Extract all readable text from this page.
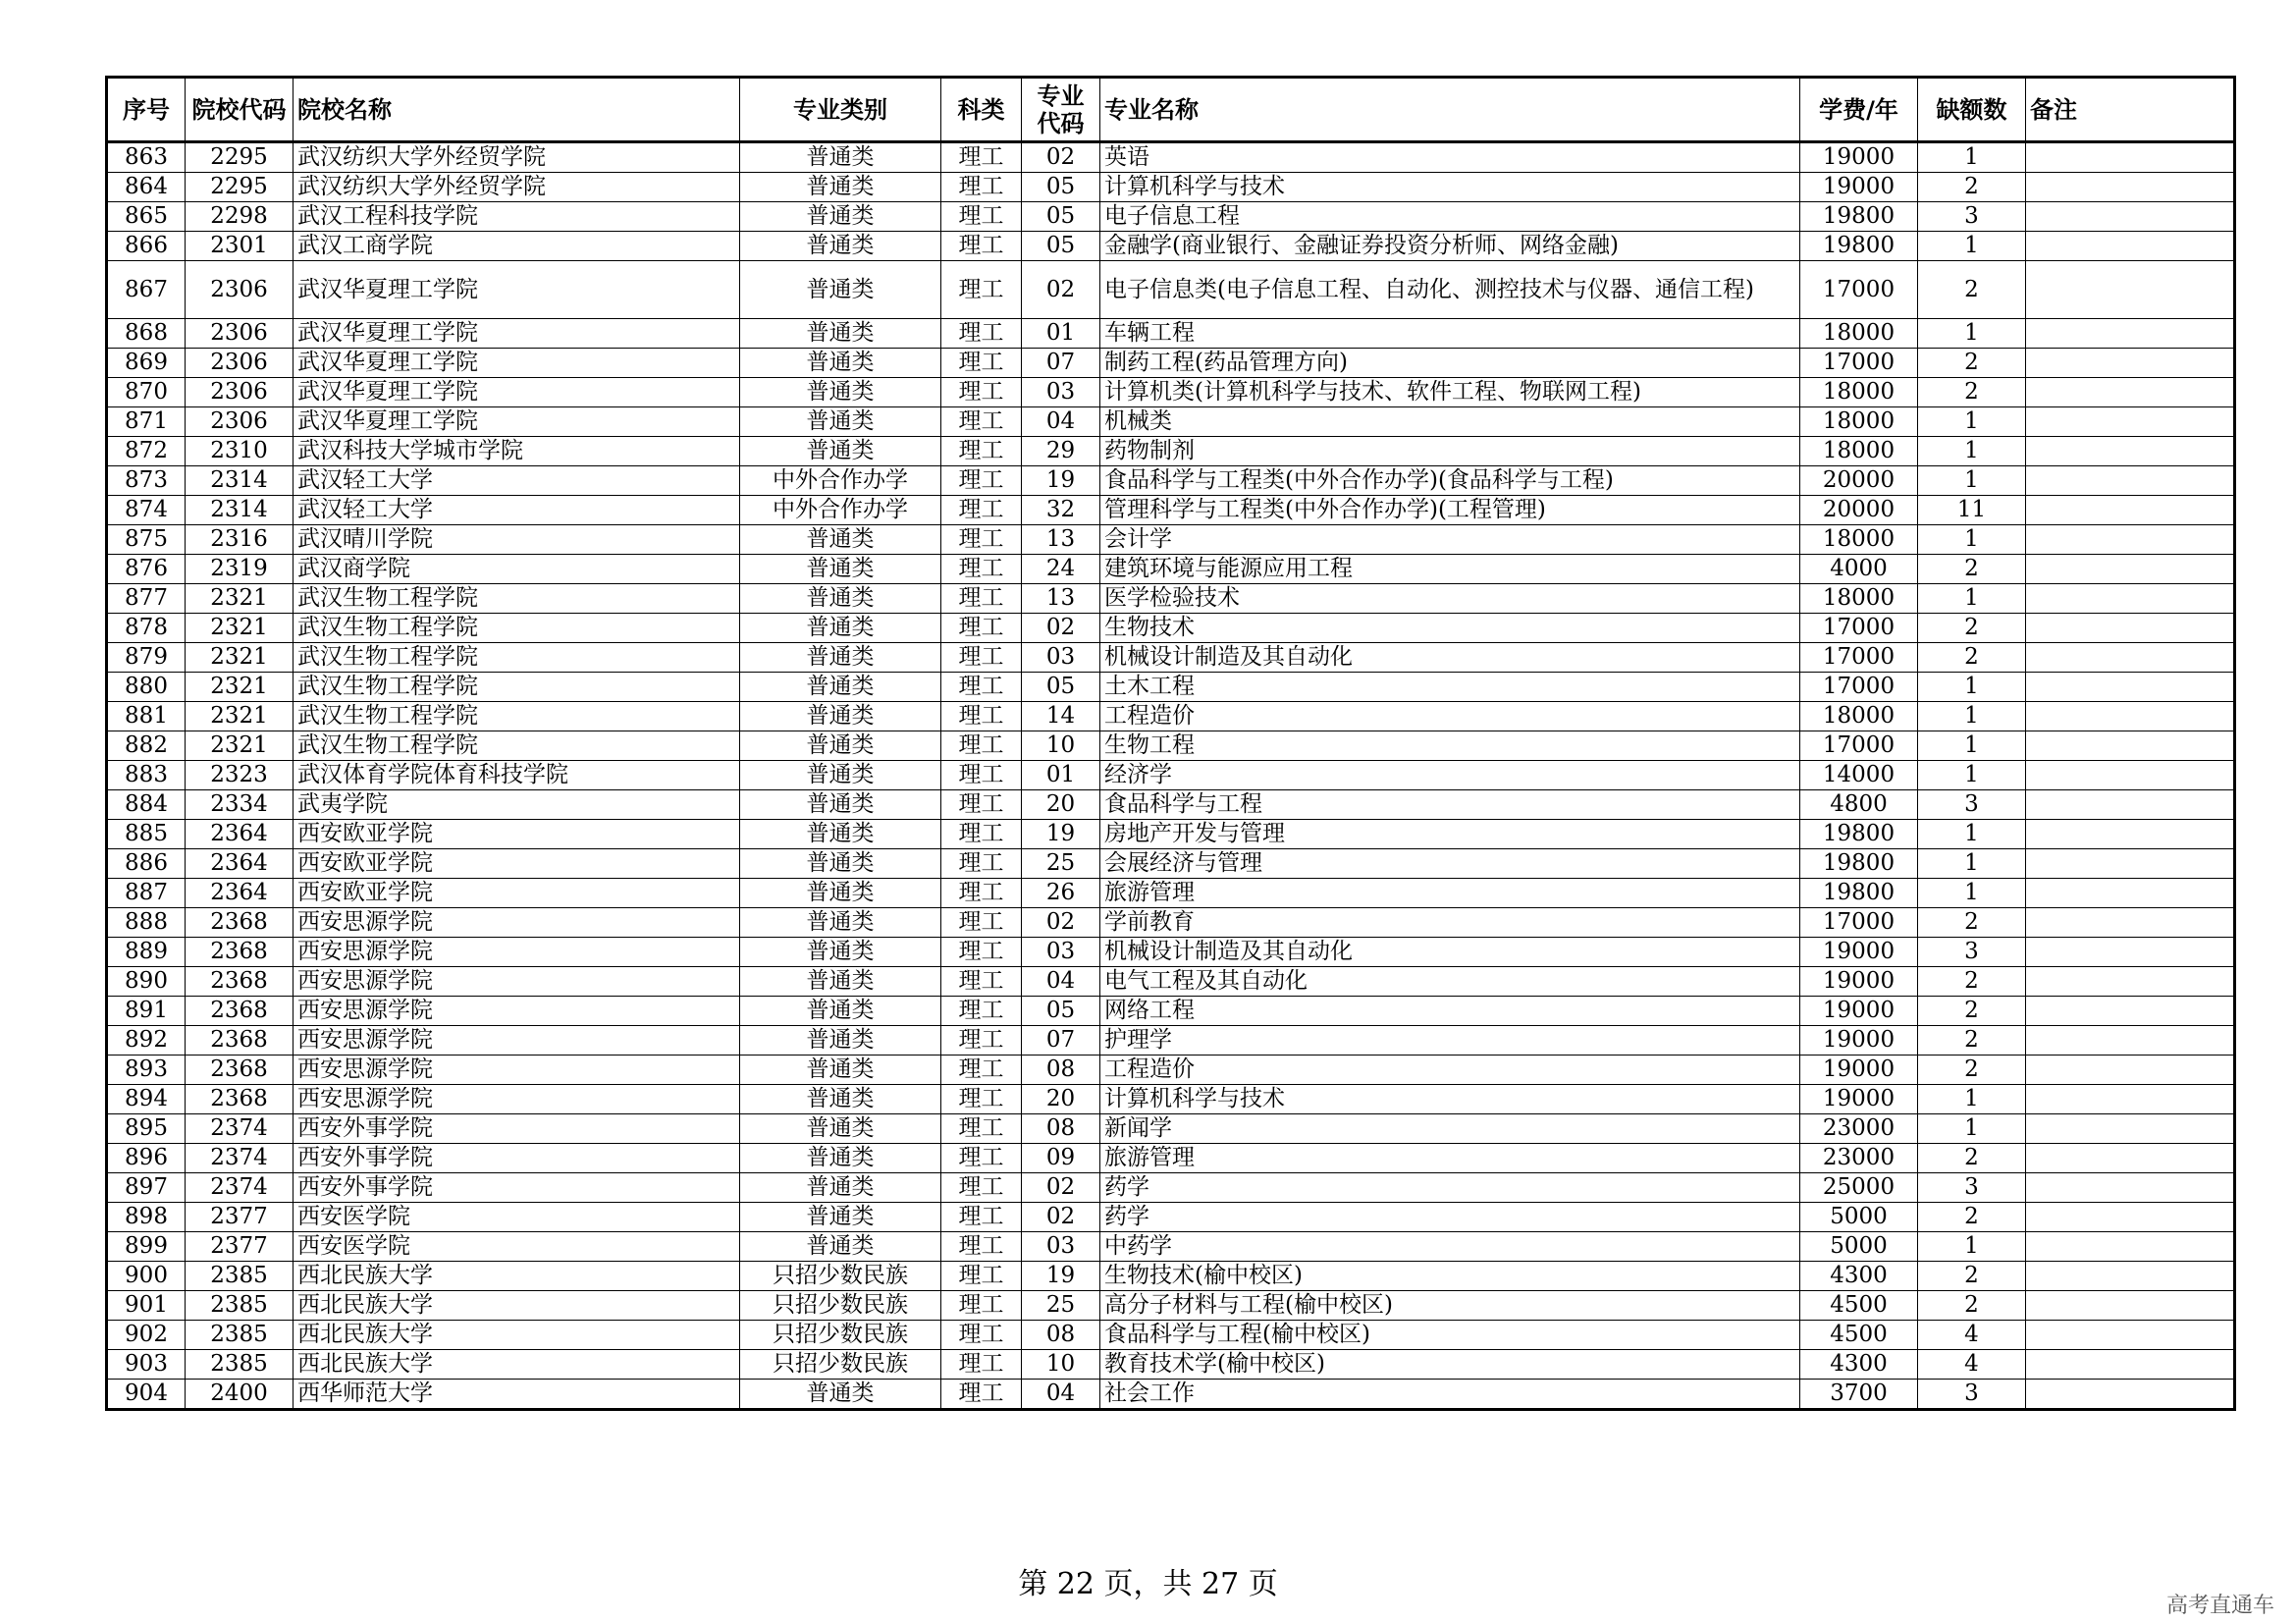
序号	院校代码	院校名称	专业类别	科类	专业代码	专业名称	学费/年	缺额数	备注
863	2295	武汉纺织大学外经贸学院	普通类	理工	02	英语	19000	1	
864	2295	武汉纺织大学外经贸学院	普通类	理工	05	计算机科学与技术	19000	2	
865	2298	武汉工程科技学院	普通类	理工	05	电子信息工程	19800	3	
866	2301	武汉工商学院	普通类	理工	05	金融学(商业银行、金融证券投资分析师、网络金融)	19800	1	
867	2306	武汉华夏理工学院	普通类	理工	02	电子信息类(电子信息工程、自动化、测控技术与仪器、通信工程)	17000	2	
868	2306	武汉华夏理工学院	普通类	理工	01	车辆工程	18000	1	
869	2306	武汉华夏理工学院	普通类	理工	07	制药工程(药品管理方向)	17000	2	
870	2306	武汉华夏理工学院	普通类	理工	03	计算机类(计算机科学与技术、软件工程、物联网工程)	18000	2	
871	2306	武汉华夏理工学院	普通类	理工	04	机械类	18000	1	
872	2310	武汉科技大学城市学院	普通类	理工	29	药物制剂	18000	1	
873	2314	武汉轻工大学	中外合作办学	理工	19	食品科学与工程类(中外合作办学)(食品科学与工程)	20000	1	
874	2314	武汉轻工大学	中外合作办学	理工	32	管理科学与工程类(中外合作办学)(工程管理)	20000	11	
875	2316	武汉晴川学院	普通类	理工	13	会计学	18000	1	
876	2319	武汉商学院	普通类	理工	24	建筑环境与能源应用工程	4000	2	
877	2321	武汉生物工程学院	普通类	理工	13	医学检验技术	18000	1	
878	2321	武汉生物工程学院	普通类	理工	02	生物技术	17000	2	
879	2321	武汉生物工程学院	普通类	理工	03	机械设计制造及其自动化	17000	2	
880	2321	武汉生物工程学院	普通类	理工	05	土木工程	17000	1	
881	2321	武汉生物工程学院	普通类	理工	14	工程造价	18000	1	
882	2321	武汉生物工程学院	普通类	理工	10	生物工程	17000	1	
883	2323	武汉体育学院体育科技学院	普通类	理工	01	经济学	14000	1	
884	2334	武夷学院	普通类	理工	20	食品科学与工程	4800	3	
885	2364	西安欧亚学院	普通类	理工	19	房地产开发与管理	19800	1	
886	2364	西安欧亚学院	普通类	理工	25	会展经济与管理	19800	1	
887	2364	西安欧亚学院	普通类	理工	26	旅游管理	19800	1	
888	2368	西安思源学院	普通类	理工	02	学前教育	17000	2	
889	2368	西安思源学院	普通类	理工	03	机械设计制造及其自动化	19000	3	
890	2368	西安思源学院	普通类	理工	04	电气工程及其自动化	19000	2	
891	2368	西安思源学院	普通类	理工	05	网络工程	19000	2	
892	2368	西安思源学院	普通类	理工	07	护理学	19000	2	
893	2368	西安思源学院	普通类	理工	08	工程造价	19000	2	
894	2368	西安思源学院	普通类	理工	20	计算机科学与技术	19000	1	
895	2374	西安外事学院	普通类	理工	08	新闻学	23000	1	
896	2374	西安外事学院	普通类	理工	09	旅游管理	23000	2	
897	2374	西安外事学院	普通类	理工	02	药学	25000	3	
898	2377	西安医学院	普通类	理工	02	药学	5000	2	
899	2377	西安医学院	普通类	理工	03	中药学	5000	1	
900	2385	西北民族大学	只招少数民族	理工	19	生物技术(榆中校区)	4300	2	
901	2385	西北民族大学	只招少数民族	理工	25	高分子材料与工程(榆中校区)	4500	2	
902	2385	西北民族大学	只招少数民族	理工	08	食品科学与工程(榆中校区)	4500	4	
903	2385	西北民族大学	只招少数民族	理工	10	教育技术学(榆中校区)	4300	4	
904	2400	西华师范大学	普通类	理工	04	社会工作	3700	3	
第 22 页，共 27 页
高考直通车
